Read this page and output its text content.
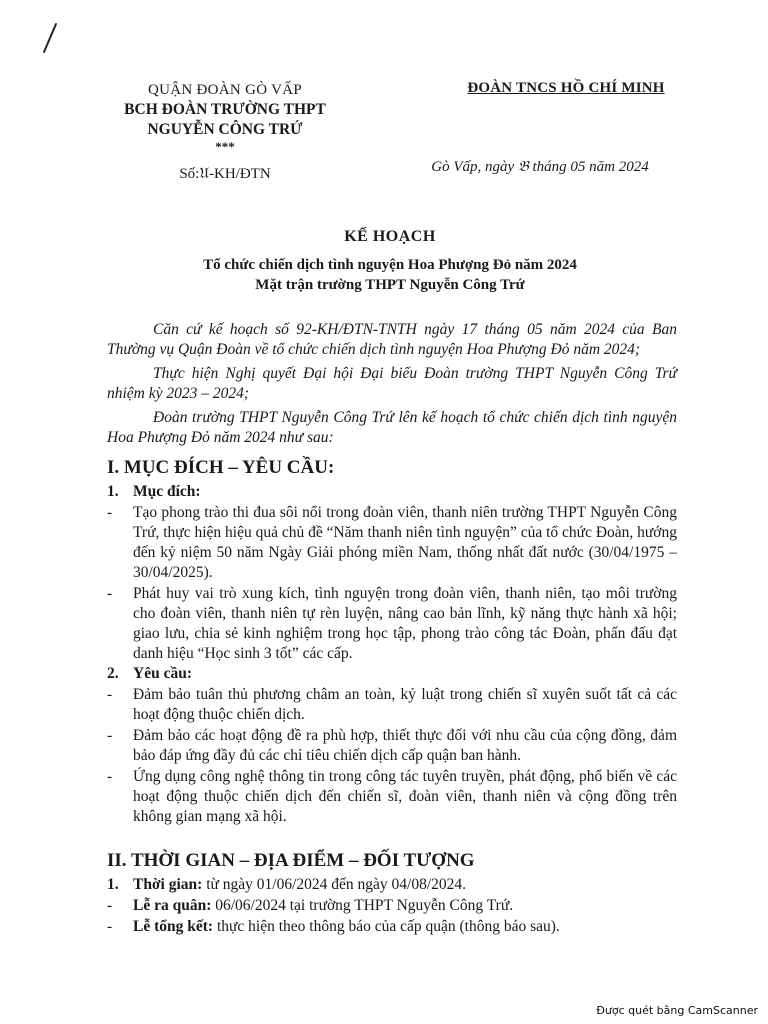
QUẬN ĐOÀN GÒ VẤP
BCH ĐOÀN TRƯỜNG THPT
NGUYỄN CÔNG TRỨ
***
Số:𝔘-KH/ĐTN
ĐOÀN TNCS HỒ CHÍ MINH
Gò Vấp, ngày 𝔅 tháng 05 năm 2024
KẾ HOẠCH
Tổ chức chiến dịch tình nguyện Hoa Phượng Đỏ năm 2024
Mặt trận trường THPT Nguyễn Công Trứ

Căn cứ kế hoạch số 92-KH/ĐTN-TNTH ngày 17 tháng 05 năm 2024 của Ban Thường vụ Quận Đoàn về tổ chức chiến dịch tình nguyện Hoa Phượng Đỏ năm 2024;

Thực hiện Nghị quyết Đại hội Đại biểu Đoàn trường THPT Nguyễn Công Trứ nhiệm kỳ 2023 – 2024;

Đoàn trường THPT Nguyễn Công Trứ lên kế hoạch tổ chức chiến dịch tình nguyện Hoa Phượng Đỏ năm 2024 như sau:

I. MỤC ĐÍCH – YÊU CẦU:
1. Mục đích:
-	Tạo phong trào thi đua sôi nổi trong đoàn viên, thanh niên trường THPT Nguyễn Công Trứ, thực hiện hiệu quả chủ đề “Năm thanh niên tình nguyện” của tổ chức Đoàn, hướng đến kỷ niệm 50 năm Ngày Giải phóng miền Nam, thống nhất đất nước (30/04/1975 – 30/04/2025).
-	Phát huy vai trò xung kích, tình nguyện trong đoàn viên, thanh niên, tạo môi trường cho đoàn viên, thanh niên tự rèn luyện, nâng cao bản lĩnh, kỹ năng thực hành xã hội; giao lưu, chia sẻ kinh nghiệm trong học tập, phong trào công tác Đoàn, phấn đấu đạt danh hiệu “Học sinh 3 tốt” các cấp.
2. Yêu cầu:
-	Đảm bảo tuân thủ phương châm an toàn, kỷ luật trong chiến sĩ xuyên suốt tất cả các hoạt động thuộc chiến dịch.
-	Đảm bảo các hoạt động đề ra phù hợp, thiết thực đối với nhu cầu của cộng đồng, đảm bảo đáp ứng đầy đủ các chỉ tiêu chiến dịch cấp quận ban hành.
-	Ứng dụng công nghệ thông tin trong công tác tuyên truyền, phát động, phổ biến về các hoạt động thuộc chiến dịch đến chiến sĩ, đoàn viên, thanh niên và cộng đồng trên không gian mạng xã hội.
II. THỜI GIAN – ĐỊA ĐIỂM – ĐỐI TƯỢNG
1. Thời gian: từ ngày 01/06/2024 đến ngày 04/08/2024.
-	Lễ ra quân: 06/06/2024 tại trường THPT Nguyễn Công Trứ.
-	Lễ tổng kết: thực hiện theo thông báo của cấp quận (thông báo sau).
Được quét bằng CamScanner
